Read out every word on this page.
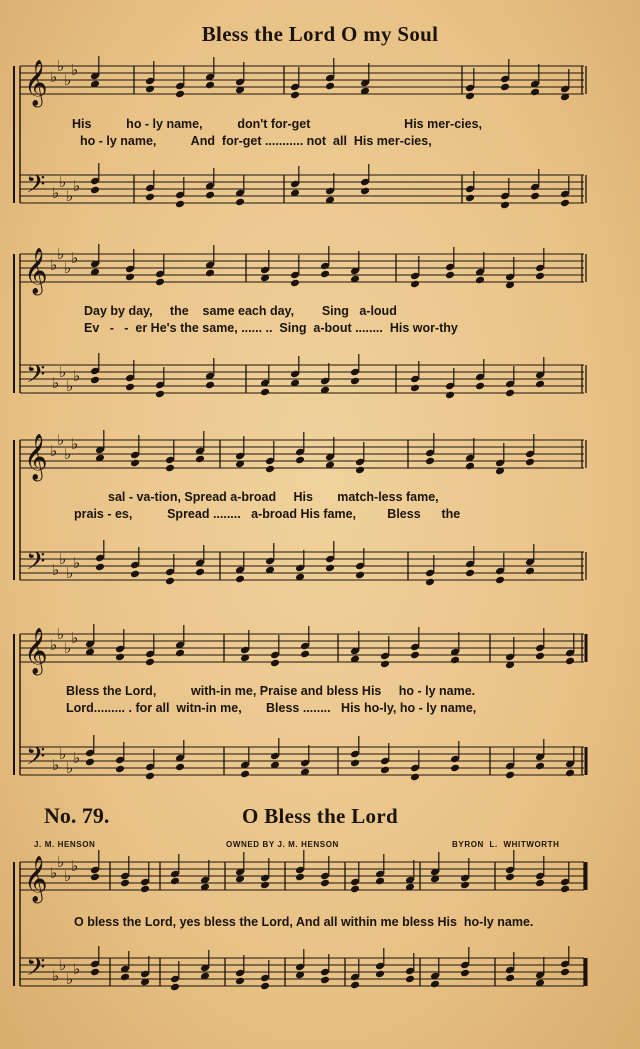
Bless the Lord O my Soul
𝄞
𝄢
♭
♭
♭
♭
♭
♭
♭
♭
𝄞
𝄢
♭
♭
♭
♭
♭
♭
♭
♭
𝄞
𝄢
♭
♭
♭
♭
♭
♭
♭
♭
𝄞
𝄢
♭
♭
♭
♭
♭
♭
♭
♭
𝄞
𝄢
♭
♭
♭
♭
♭
♭
♭
♭
His          ho - ly name,          don't for-get                           His mer-cies,
ho - ly name,          And  for-get ........... not  all  His mer-cies,
Day by day,     the    same each day,        Sing   a-loud
Ev   -   -  er He's the same, ...... ..  Sing  a-bout ........  His wor-thy
sal - va-tion, Spread a-broad     His       match-less fame,
prais - es,          Spread ........   a-broad His fame,         Bless      the
Bless the Lord,          with-in me, Praise and bless His     ho - ly name.
Lord......... . for all  witn-in me,       Bless ........   His ho-ly, ho - ly name,
No. 79.	O Bless the Lord
J. M. HENSON	OWNED BY J. M. HENSON	BYRON  L.  WHITWORTH
O bless the Lord, yes bless the Lord, And all within me bless His  ho-ly name.
